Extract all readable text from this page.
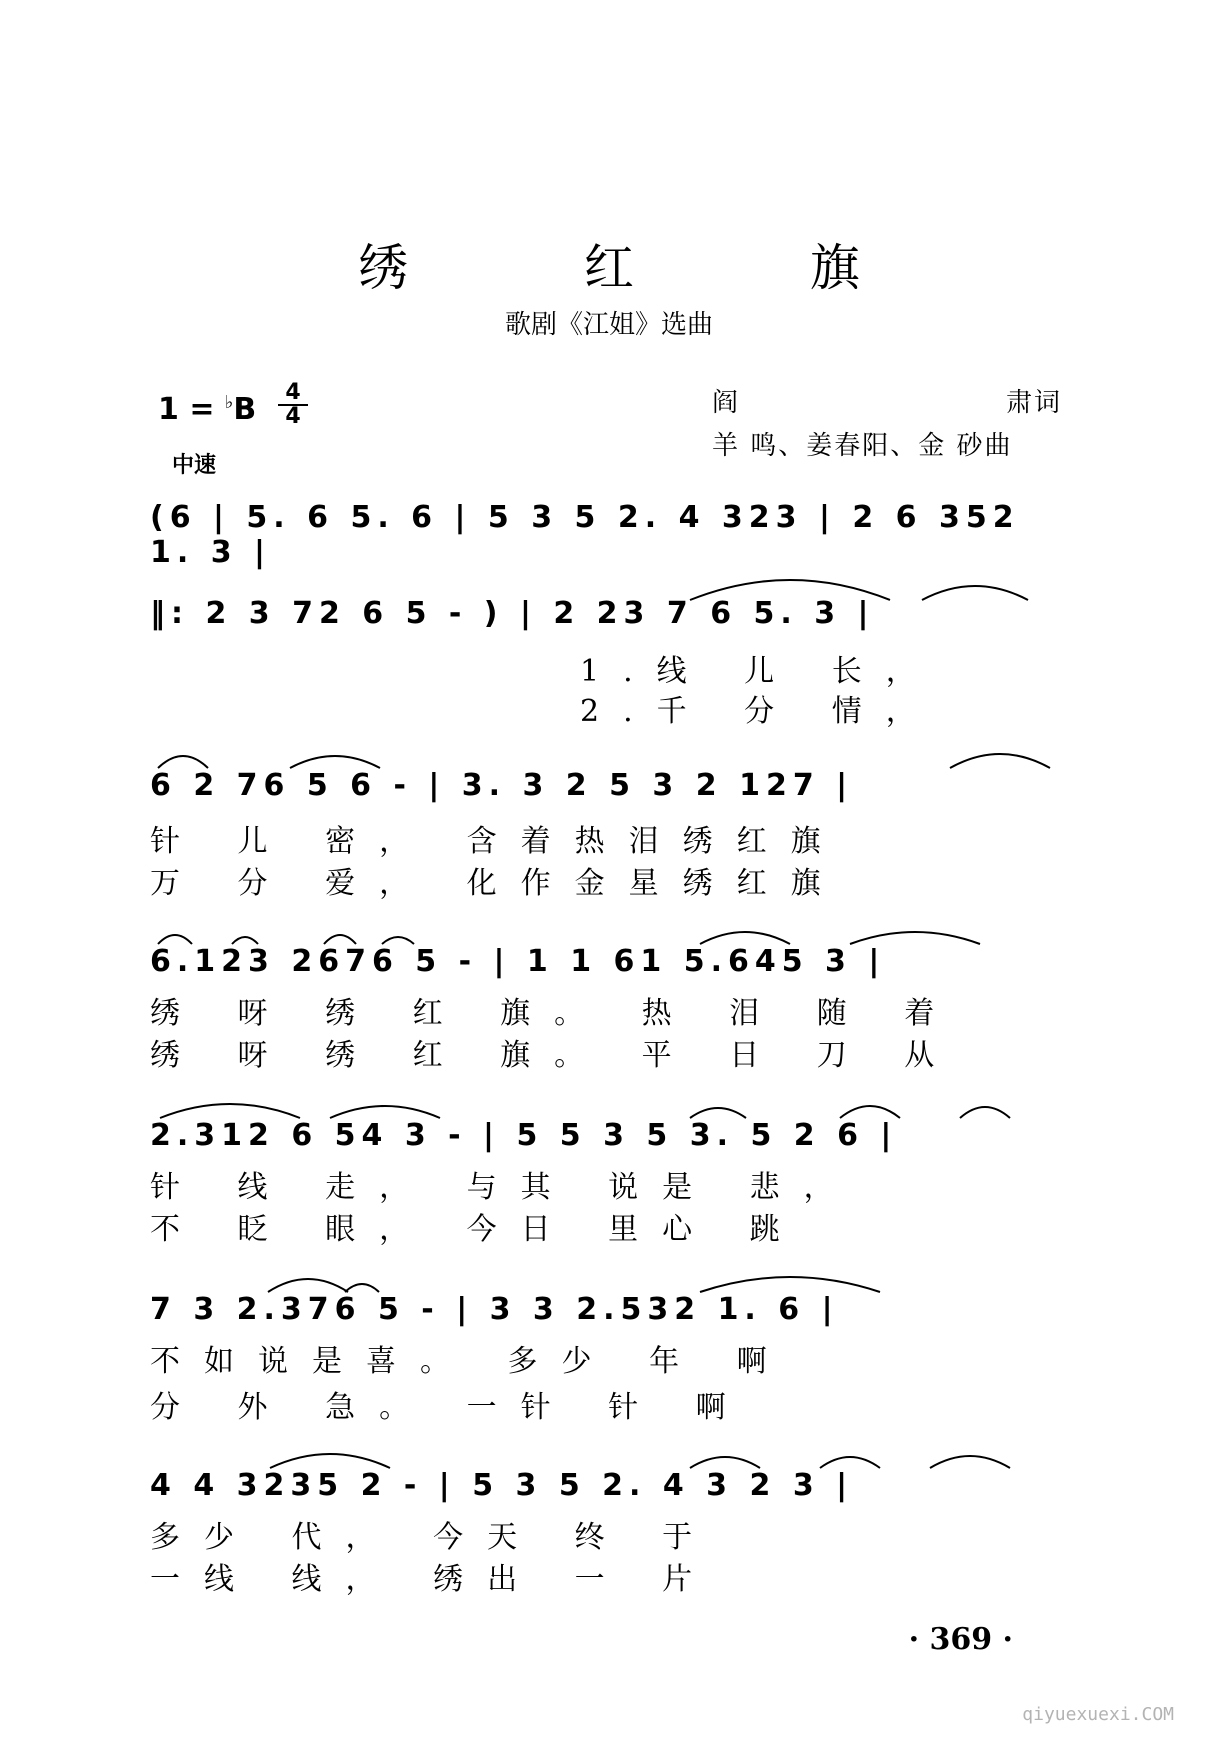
绣 红 旗
歌剧《江姐》选曲
1 = ♭B	4
4
中速
阎	肃词
羊 鸣、姜春阳、金 砂曲
(6 | 5. 6 5. 6 | 5 3 5 2. 4 323 | 2 6 352 1. 3 |
‖: 2 3 72 6 5 - ) | 2 23 7 6 5. 3 |
1.线 儿 长，
2.千 分 情，
6 2 76 5 6 - | 3. 3 2 5 3 2 127 |
针 儿 密， 含着热泪绣红旗
万 分 爱， 化作金星绣红旗
6.123 2676 5 - | 1 1 61 5.645 3 |
绣 呀 绣 红 旗。 热 泪 随 着
绣 呀 绣 红 旗。 平 日 刀 从
2.312 6 54 3 - | 5 5 3 5 3. 5 2 6 |
针 线 走， 与其 说是 悲，
不 眨 眼， 今日 里心 跳
7 3 2.376 5 - | 3 3 2.532 1. 6 |
不如说是喜。 多少 年 啊
分 外 急。 一针 针 啊
4 4 3235 2 - | 5 3 5 2. 4 3 2 3 |
多少 代， 今天 终 于
一线 线， 绣出 一 片
· 369 ·
qiyuexuexi.COM
